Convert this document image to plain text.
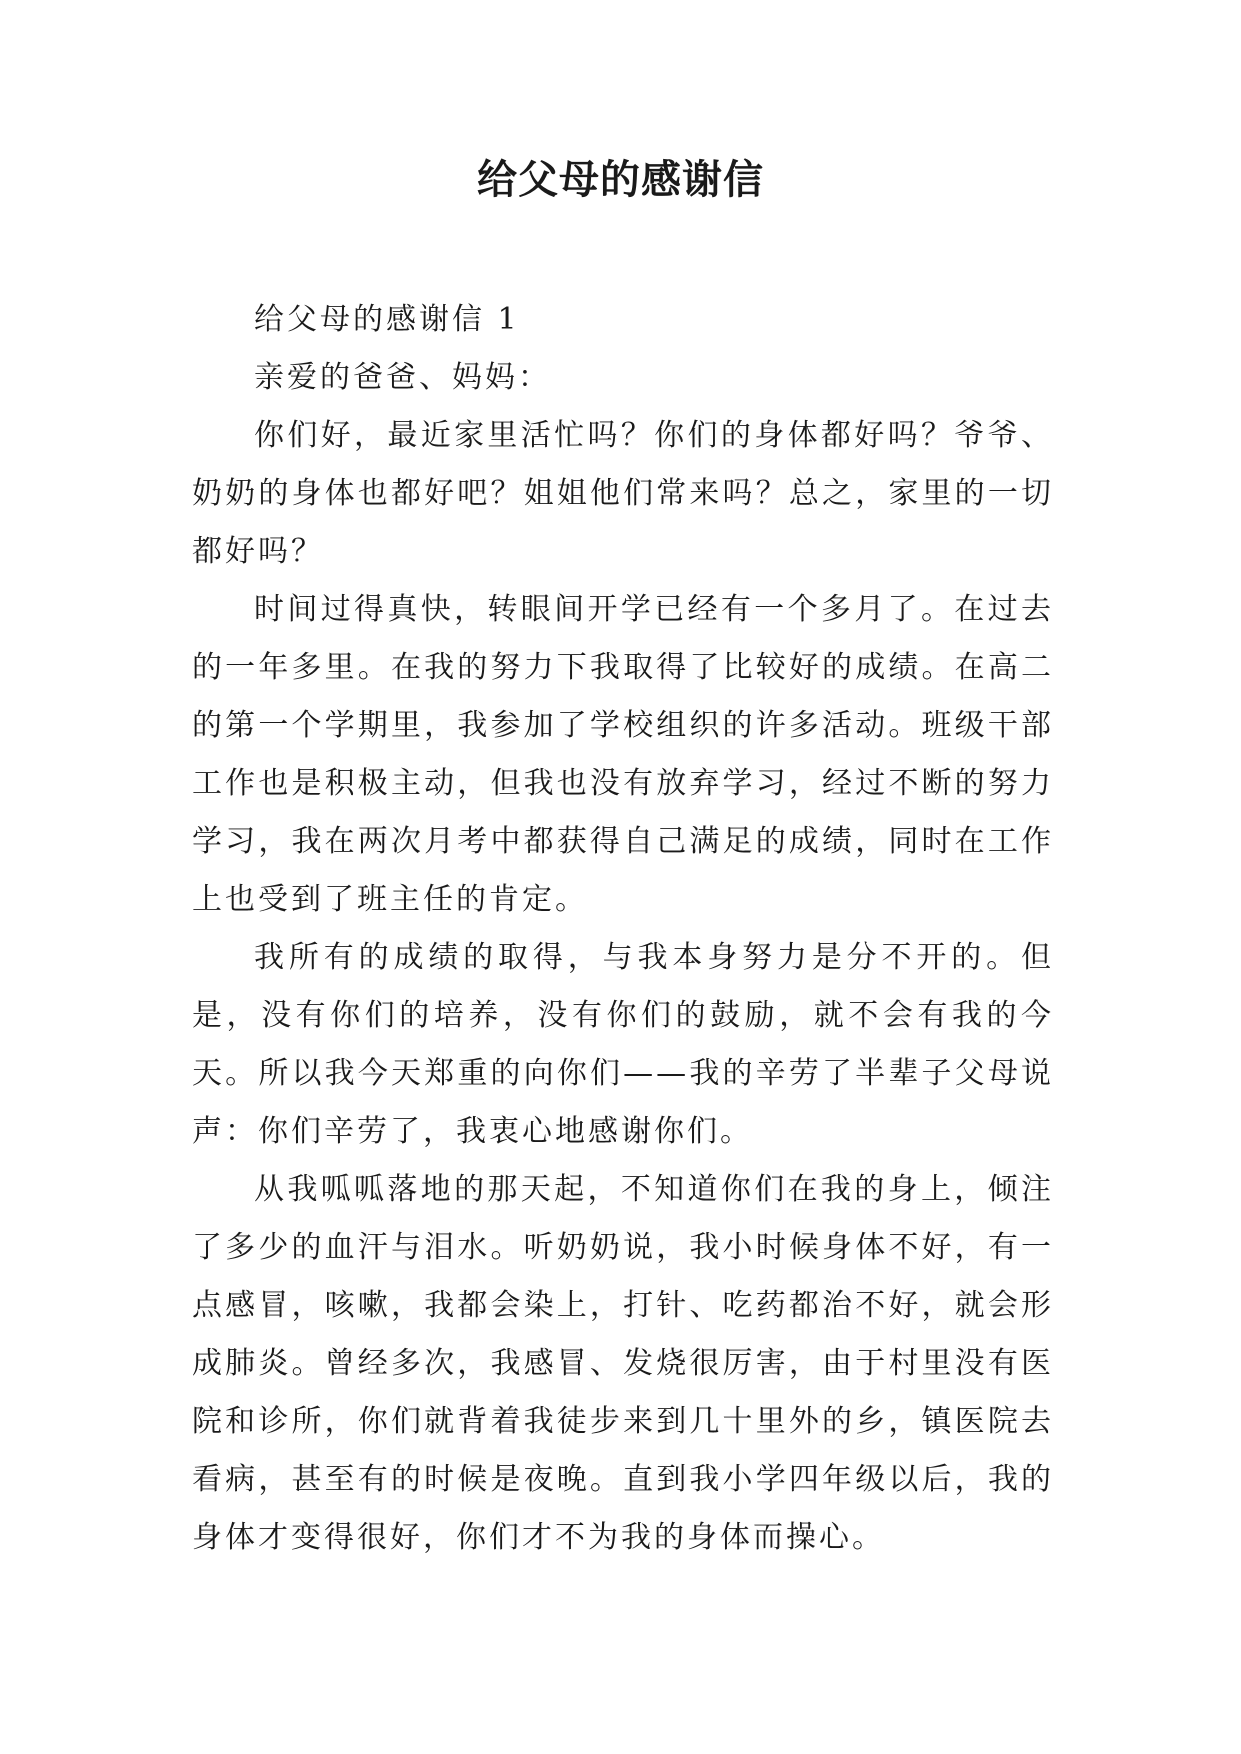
给父母的感谢信

给父母的感谢信 1

亲爱的爸爸、妈妈：

你们好，最近家里活忙吗？你们的身体都好吗？爷爷、奶奶的身体也都好吧？姐姐他们常来吗？总之，家里的一切都好吗？

时间过得真快，转眼间开学已经有一个多月了。在过去的一年多里。在我的努力下我取得了比较好的成绩。在高二的第一个学期里，我参加了学校组织的许多活动。班级干部工作也是积极主动，但我也没有放弃学习，经过不断的努力学习，我在两次月考中都获得自己满足的成绩，同时在工作上也受到了班主任的肯定。

我所有的成绩的取得，与我本身努力是分不开的。但是，没有你们的培养，没有你们的鼓励，就不会有我的今天。所以我今天郑重的向你们——我的辛劳了半辈子父母说声：你们辛劳了，我衷心地感谢你们。

从我呱呱落地的那天起，不知道你们在我的身上，倾注了多少的血汗与泪水。听奶奶说，我小时候身体不好，有一点感冒，咳嗽，我都会染上，打针、吃药都治不好，就会形成肺炎。曾经多次，我感冒、发烧很厉害，由于村里没有医院和诊所，你们就背着我徒步来到几十里外的乡，镇医院去看病，甚至有的时候是夜晚。直到我小学四年级以后，我的身体才变得很好，你们才不为我的身体而操心。
